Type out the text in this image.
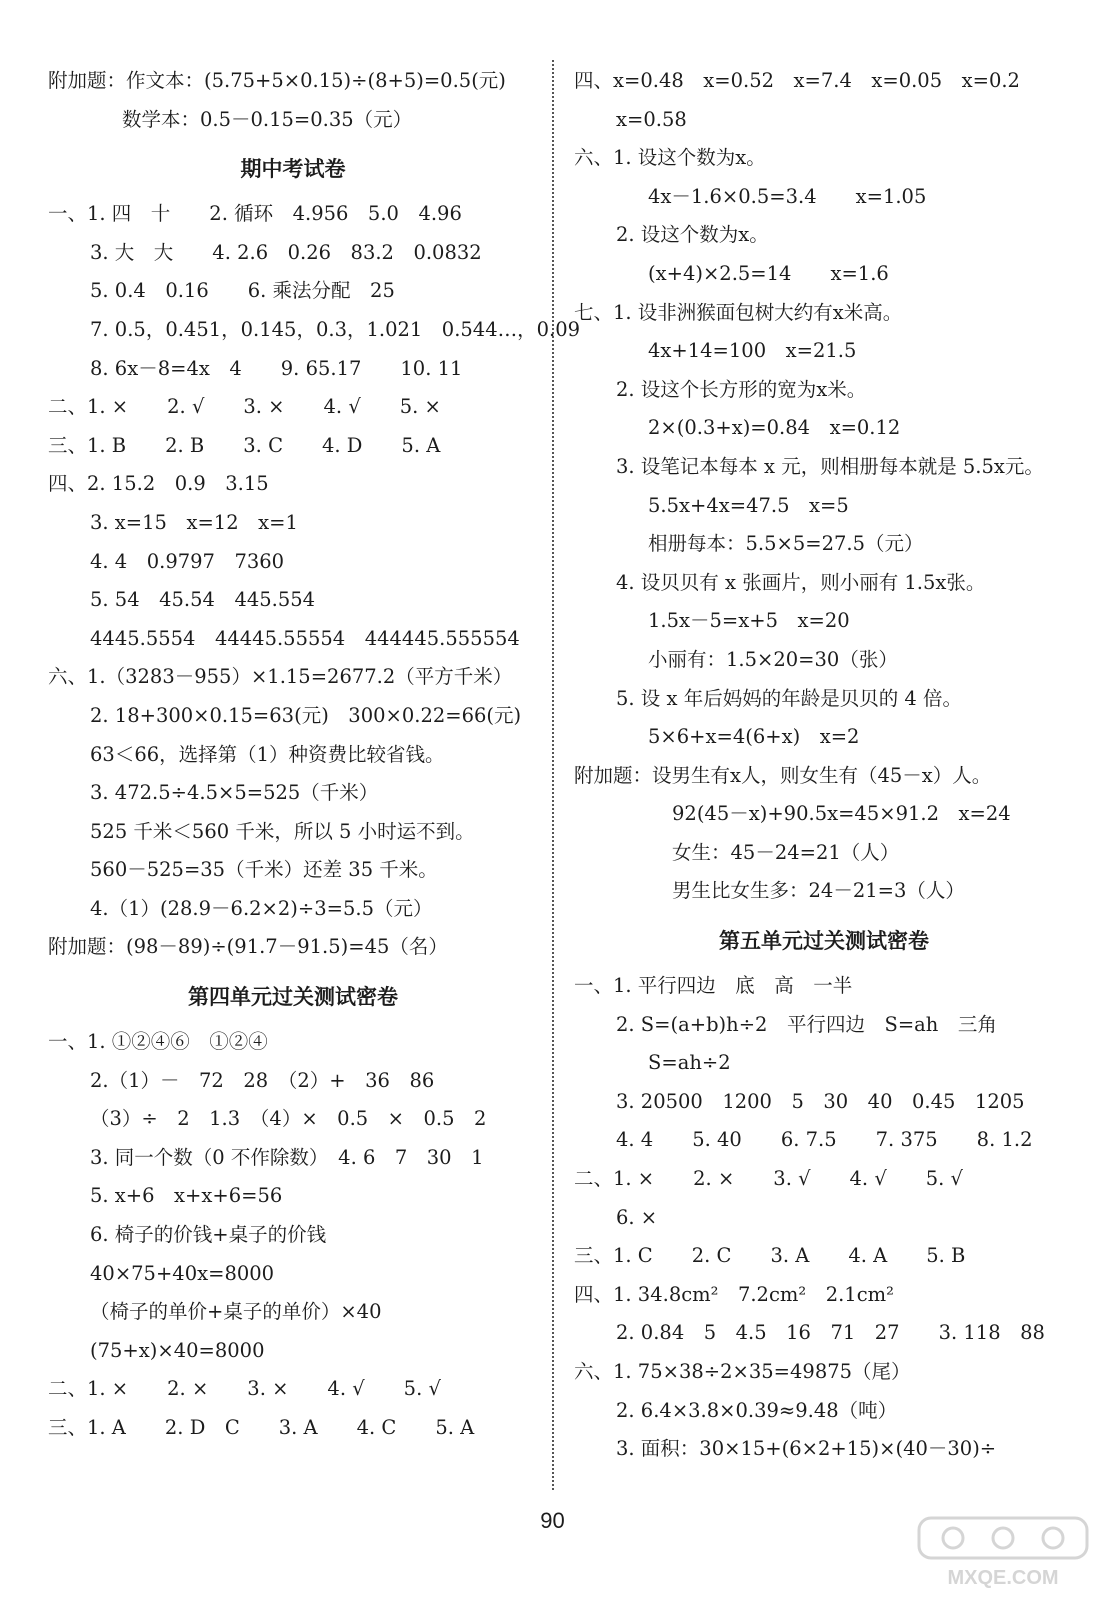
附加题：作文本：(5.75+5×0.15)÷(8+5)=0.5(元)
数学本：0.5－0.15=0.35（元）
期中考试卷
一、1. 四　十　　2. 循环　4.956　5.0　4.96
3. 大　大　　4. 2.6　0.26　83.2　0.0832
5. 0.4　0.16　　6. 乘法分配　25
7. 0.5，0.451，0.145，0.3，1.021　0.544…，0.09
8. 6x－8=4x　4　　9. 65.17　　10. 11
二、1. ×　　2. √　　3. ×　　4. √　　5. ×
三、1. B　　2. B　　3. C　　4. D　　5. A
四、2. 15.2　0.9　3.15
3. x=15　x=12　x=1
4. 4　0.9797　7360
5. 54　45.54　445.554
4445.5554　44445.55554　444445.555554
六、1.（3283－955）×1.15=2677.2（平方千米）
2. 18+300×0.15=63(元)　300×0.22=66(元)
63＜66，选择第（1）种资费比较省钱。
3. 472.5÷4.5×5=525（千米）
525 千米＜560 千米，所以 5 小时运不到。
560－525=35（千米）还差 35 千米。
4.（1）(28.9－6.2×2)÷3=5.5（元）
附加题：(98－89)÷(91.7－91.5)=45（名）
第四单元过关测试密卷
一、1. ①②④⑥　①②④
2.（1）－　72　28　（2）+　36　86
（3）÷　2　1.3　（4）×　0.5　×　0.5　2
3. 同一个数（0 不作除数）　4. 6　7　30　1
5. x+6　x+x+6=56
6. 椅子的价钱+桌子的价钱
40×75+40x=8000
（椅子的单价+桌子的单价）×40
(75+x)×40=8000
二、1. ×　　2. ×　　3. ×　　4. √　　5. √
三、1. A　　2. D　C　　3. A　　4. C　　5. A
四、x=0.48　x=0.52　x=7.4　x=0.05　x=0.2
x=0.58
六、1. 设这个数为x。
4x－1.6×0.5=3.4　　x=1.05
2. 设这个数为x。
(x+4)×2.5=14　　x=1.6
七、1. 设非洲猴面包树大约有x米高。
4x+14=100　x=21.5
2. 设这个长方形的宽为x米。
2×(0.3+x)=0.84　x=0.12
3. 设笔记本每本 x 元，则相册每本就是 5.5x元。
5.5x+4x=47.5　x=5
相册每本：5.5×5=27.5（元）
4. 设贝贝有 x 张画片，则小丽有 1.5x张。
1.5x－5=x+5　x=20
小丽有：1.5×20=30（张）
5. 设 x 年后妈妈的年龄是贝贝的 4 倍。
5×6+x=4(6+x)　x=2
附加题：设男生有x人，则女生有（45－x）人。
92(45－x)+90.5x=45×91.2　x=24
女生：45－24=21（人）
男生比女生多：24－21=3（人）
第五单元过关测试密卷
一、1. 平行四边　底　高　一半
2. S=(a+b)h÷2　平行四边　S=ah　三角
S=ah÷2
3. 20500　1200　5　30　40　0.45　1205
4. 4　　5. 40　　6. 7.5　　7. 375　　8. 1.2
二、1. ×　　2. ×　　3. √　　4. √　　5. √
6. ×
三、1. C　　2. C　　3. A　　4. A　　5. B
四、1. 34.8cm²　7.2cm²　2.1cm²
2. 0.84　5　4.5　16　71　27　　3. 118　88
六、1. 75×38÷2×35=49875（尾）
2. 6.4×3.8×0.39≈9.48（吨）
3. 面积：30×15+(6×2+15)×(40－30)÷
90
MXQE.COM
